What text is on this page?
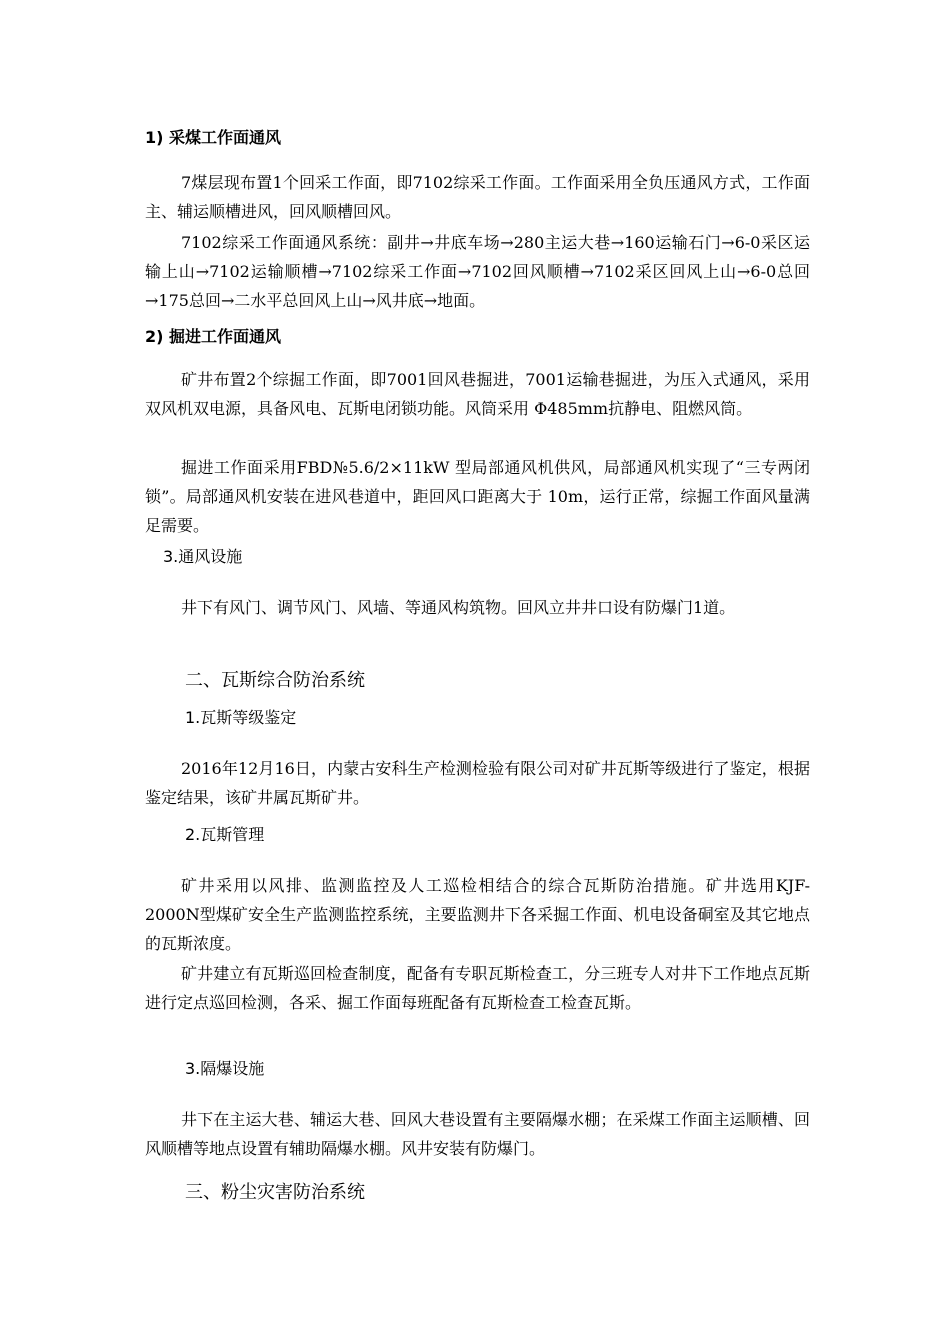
1) 采煤工作面通风

7煤层现布置1个回采工作面，即7102综采工作面。工作面采用全负压通风方式，工作面主、辅运顺槽进风，回风顺槽回风。

7102综采工作面通风系统：副井→井底车场→280主运大巷→160运输石门→6-0采区运输上山→7102运输顺槽→7102综采工作面→7102回风顺槽→7102采区回风上山→6-0总回→175总回→二水平总回风上山→风井底→地面。

2) 掘进工作面通风

矿井布置2个综掘工作面，即7001回风巷掘进，7001运输巷掘进，为压入式通风，采用双风机双电源，具备风电、瓦斯电闭锁功能。风筒采用 Φ485mm抗静电、阻燃风筒。

掘进工作面采用FBD№5.6/2×11kW 型局部通风机供风，局部通风机实现了“三专两闭锁”。局部通风机安装在进风巷道中，距回风口距离大于 10m，运行正常，综掘工作面风量满足需要。

3.通风设施

井下有风门、调节风门、风墙、等通风构筑物。回风立井井口设有防爆门1道。

二、瓦斯综合防治系统
1.瓦斯等级鉴定

2016年12月16日，内蒙古安科生产检测检验有限公司对矿井瓦斯等级进行了鉴定，根据鉴定结果，该矿井属瓦斯矿井。

2.瓦斯管理

矿井采用以风排、监测监控及人工巡检相结合的综合瓦斯防治措施。矿井选用KJF-2000N型煤矿安全生产监测监控系统，主要监测井下各采掘工作面、机电设备硐室及其它地点的瓦斯浓度。

矿井建立有瓦斯巡回检查制度，配备有专职瓦斯检查工，分三班专人对井下工作地点瓦斯进行定点巡回检测，各采、掘工作面每班配备有瓦斯检查工检查瓦斯。

3.隔爆设施

井下在主运大巷、辅运大巷、回风大巷设置有主要隔爆水棚；在采煤工作面主运顺槽、回风顺槽等地点设置有辅助隔爆水棚。风井安装有防爆门。

三、粉尘灾害防治系统
